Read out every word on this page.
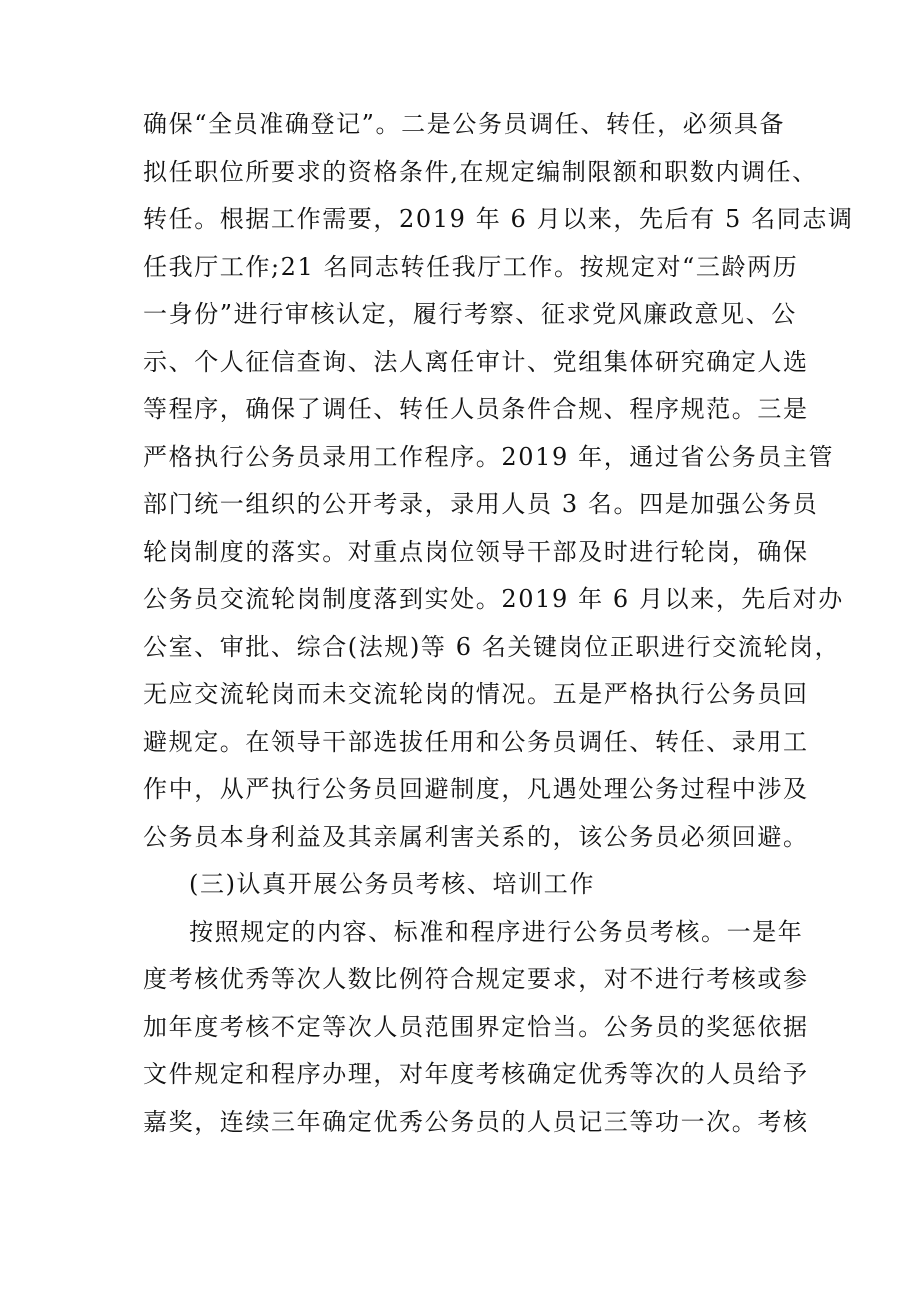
确保“全员准确登记”。二是公务员调任、转任，必须具备
拟任职位所要求的资格条件,在规定编制限额和职数内调任、
转任。根据工作需要，2019 年 6 月以来，先后有 5 名同志调
任我厅工作;21 名同志转任我厅工作。按规定对“三龄两历
一身份”进行审核认定，履行考察、征求党风廉政意见、公
示、个人征信查询、法人离任审计、党组集体研究确定人选
等程序，确保了调任、转任人员条件合规、程序规范。三是
严格执行公务员录用工作程序。2019 年，通过省公务员主管
部门统一组织的公开考录，录用人员 3 名。四是加强公务员
轮岗制度的落实。对重点岗位领导干部及时进行轮岗，确保
公务员交流轮岗制度落到实处。2019 年 6 月以来，先后对办
公室、审批、综合(法规)等 6 名关键岗位正职进行交流轮岗，
无应交流轮岗而未交流轮岗的情况。五是严格执行公务员回
避规定。在领导干部选拔任用和公务员调任、转任、录用工
作中，从严执行公务员回避制度，凡遇处理公务过程中涉及
公务员本身利益及其亲属利害关系的，该公务员必须回避。
(三)认真开展公务员考核、培训工作
按照规定的内容、标准和程序进行公务员考核。一是年
度考核优秀等次人数比例符合规定要求，对不进行考核或参
加年度考核不定等次人员范围界定恰当。公务员的奖惩依据
文件规定和程序办理，对年度考核确定优秀等次的人员给予
嘉奖，连续三年确定优秀公务员的人员记三等功一次。考核
